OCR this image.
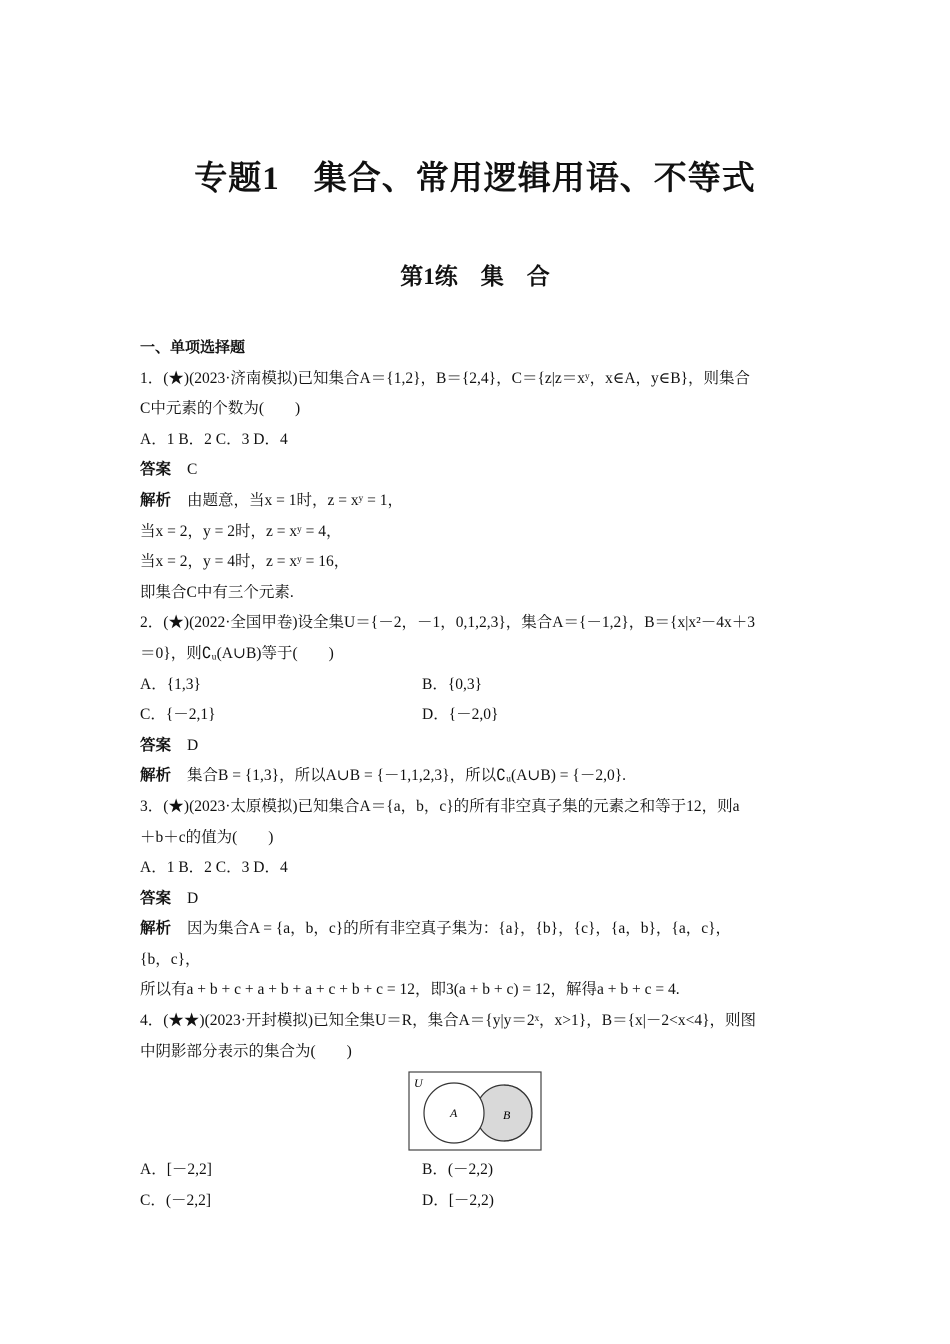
专题1　集合、常用逻辑用语、不等式
第1练　集　合

一、单项选择题

1．(★)(2023·济南模拟)已知集合A＝{1,2}，B＝{2,4}，C＝{z|z＝xʸ，x∈A，y∈B}，则集合

C中元素的个数为(　　)

A．1 B．2 C．3 D．4

答案 C

解析 由题意，当x = 1时，z = xʸ = 1，

当x = 2，y = 2时，z = xʸ = 4，

当x = 2，y = 4时，z = xʸ = 16，

即集合C中有三个元素.

2．(★)(2022·全国甲卷)设全集U＝{－2，－1，0,1,2,3}，集合A＝{－1,2}，B＝{x|x²－4x＋3

＝0}，则∁ᵤ(A∪B)等于(　　)

A．{1,3}	B．{0,3}
C．{－2,1}	D．{－2,0}

答案 D

解析 集合B = {1,3}，所以A∪B = {－1,1,2,3}，所以∁ᵤ(A∪B) = {－2,0}.

3．(★)(2023·太原模拟)已知集合A＝{a，b，c}的所有非空真子集的元素之和等于12，则a

＋b＋c的值为(　　)

A．1 B．2 C．3 D．4

答案 D

解析 因为集合A = {a，b，c}的所有非空真子集为：{a}，{b}，{c}，{a，b}，{a，c}，

{b，c}，

所以有a + b + c + a + b + a + c + b + c = 12，即3(a + b + c) = 12，解得a + b + c = 4.

4．(★★)(2023·开封模拟)已知全集U＝R，集合A＝{y|y＝2ˣ，x>1}，B＝{x|－2<x<4}，则图

中阴影部分表示的集合为(　　)

U
A	B
A．[－2,2]	B．(－2,2)
C．(－2,2]	D．[－2,2)
